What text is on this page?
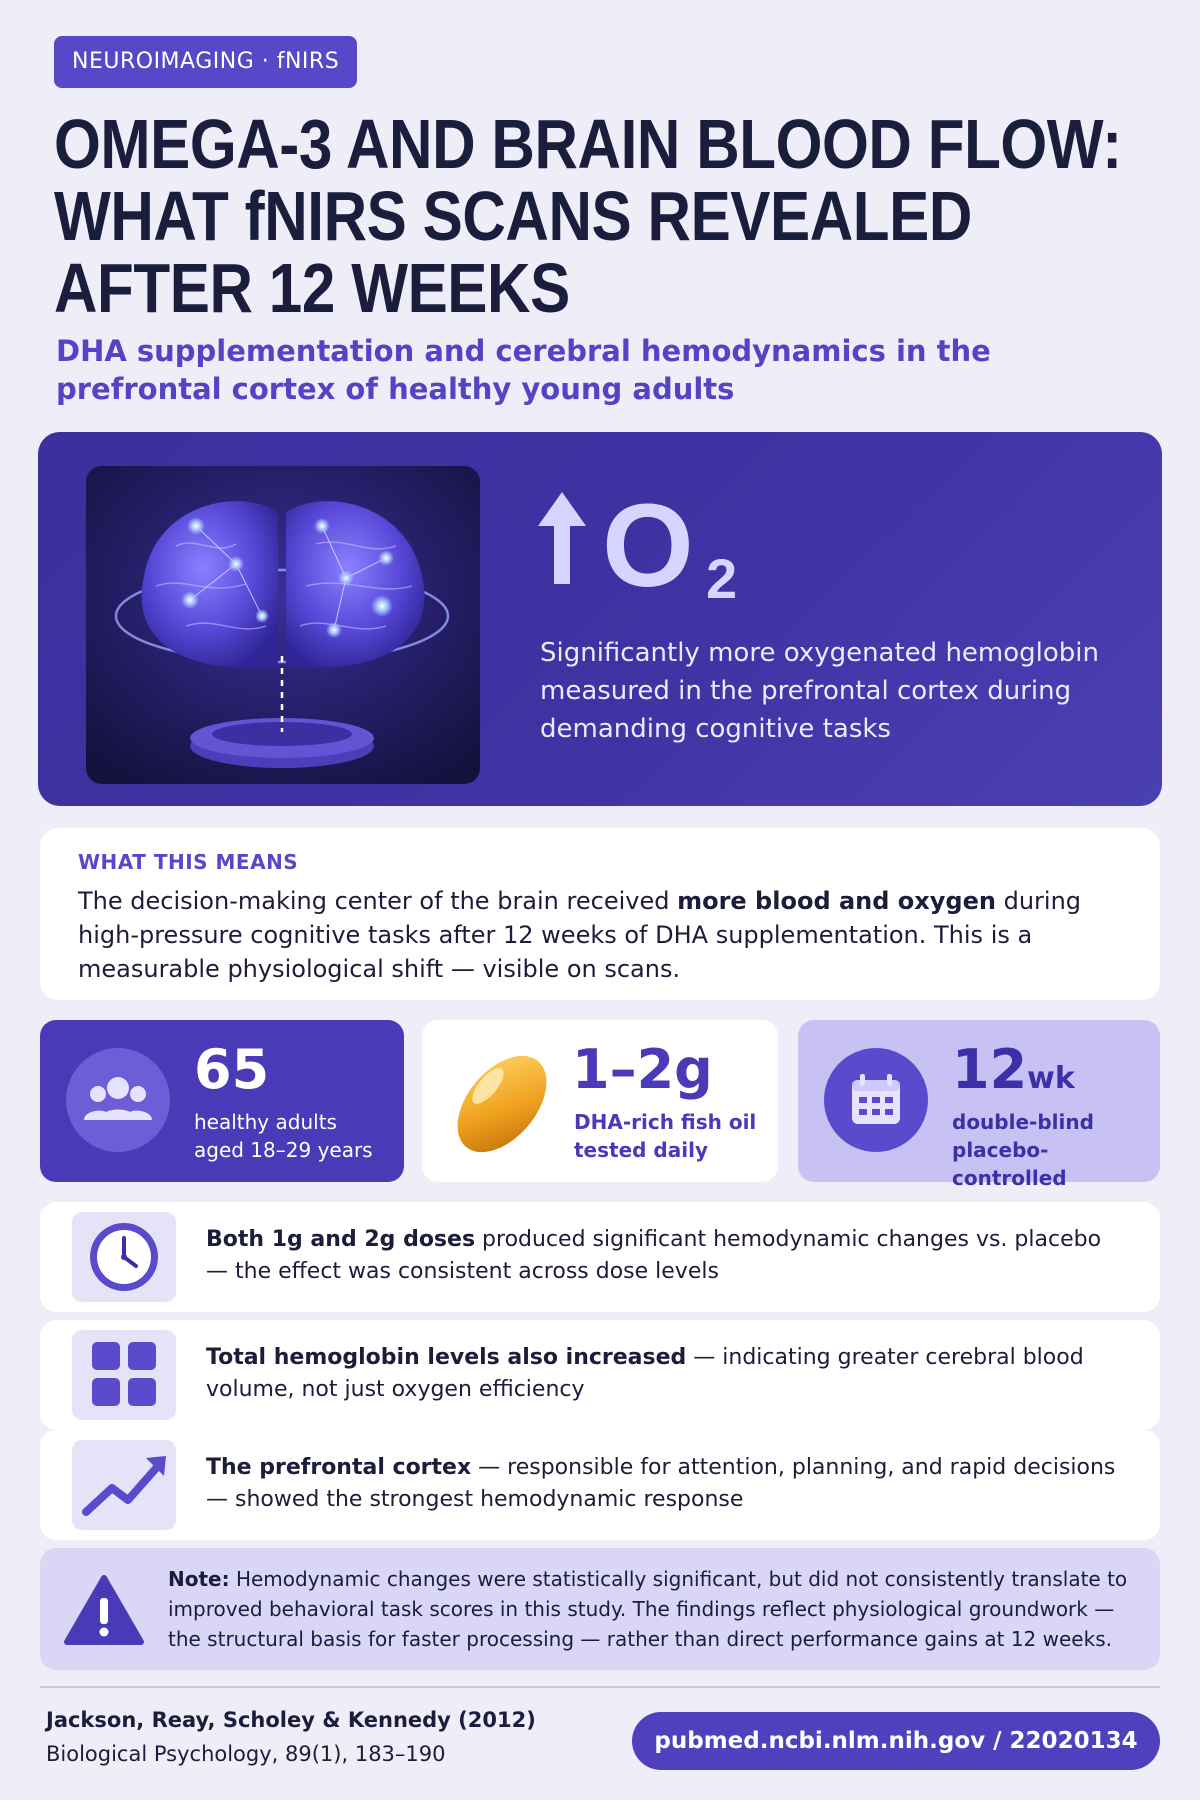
NEUROIMAGING · fNIRS
OMEGA-3 AND BRAIN BLOOD FLOW:
WHAT fNIRS SCANS REVEALED
AFTER 12 WEEKS
DHA supplementation and cerebral hemodynamics in the prefrontal cortex of healthy young adults
O 2
Significantly more oxygenated hemoglobin measured in the prefrontal cortex during demanding cognitive tasks
WHAT THIS MEANS
The decision-making center of the brain received more blood and oxygen during high-pressure cognitive tasks after 12 weeks of DHA supplementation. This is a measurable physiological shift — visible on scans.
65
healthy adults
aged 18–29 years
1–2g
DHA-rich fish oil
tested daily
12wk
double-blind
placebo-controlled
Both 1g and 2g doses produced significant hemodynamic changes vs. placebo — the effect was consistent across dose levels
Total hemoglobin levels also increased — indicating greater cerebral blood volume, not just oxygen efficiency
The prefrontal cortex — responsible for attention, planning, and rapid decisions — showed the strongest hemodynamic response
Note: Hemodynamic changes were statistically significant, but did not consistently translate to improved behavioral task scores in this study. The findings reflect physiological groundwork — the structural basis for faster processing — rather than direct performance gains at 12 weeks.
Jackson, Reay, Scholey & Kennedy (2012)
Biological Psychology, 89(1), 183–190	pubmed.ncbi.nlm.nih.gov / 22020134
